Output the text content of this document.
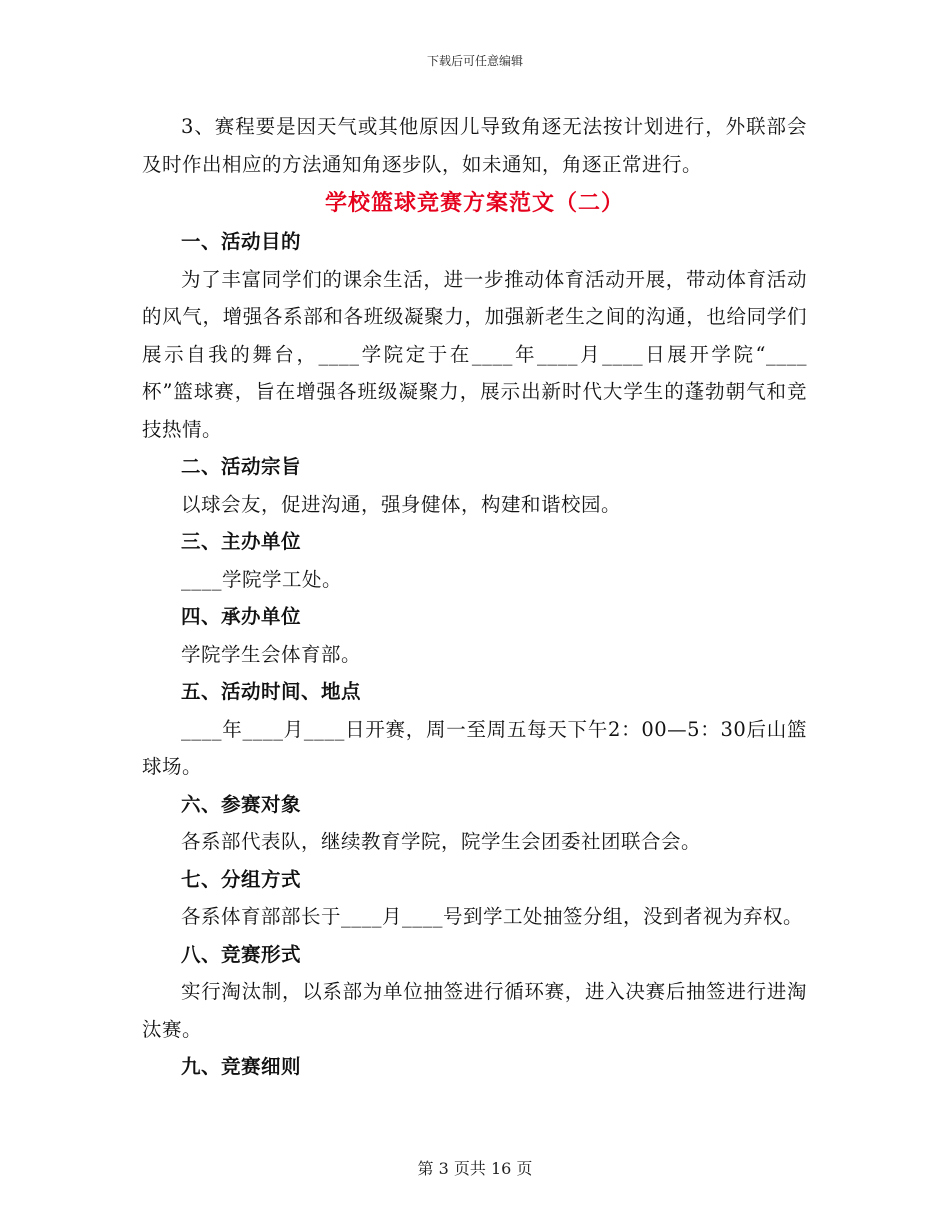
下载后可任意编辑

3、赛程要是因天气或其他原因儿导致角逐无法按计划进行，外联部会及时作出相应的方法通知角逐步队，如未通知，角逐正常进行。

学校篮球竞赛方案范文（二）

一、活动目的

为了丰富同学们的课余生活，进一步推动体育活动开展，带动体育活动的风气，增强各系部和各班级凝聚力，加强新老生之间的沟通，也给同学们展示自我的舞台，____学院定于在____年____月____日展开学院“____杯”篮球赛，旨在增强各班级凝聚力，展示出新时代大学生的蓬勃朝气和竞技热情。

二、活动宗旨

以球会友，促进沟通，强身健体，构建和谐校园。

三、主办单位

____学院学工处。

四、承办单位

学院学生会体育部。

五、活动时间、地点

____年____月____日开赛，周一至周五每天下午2：00—5：30后山篮球场。

六、参赛对象

各系部代表队，继续教育学院，院学生会团委社团联合会。

七、分组方式

各系体育部部长于____月____号到学工处抽签分组，没到者视为弃权。

八、竞赛形式

实行淘汰制，以系部为单位抽签进行循环赛，进入决赛后抽签进行进淘汰赛。

九、竞赛细则

第 3 页共 16 页
